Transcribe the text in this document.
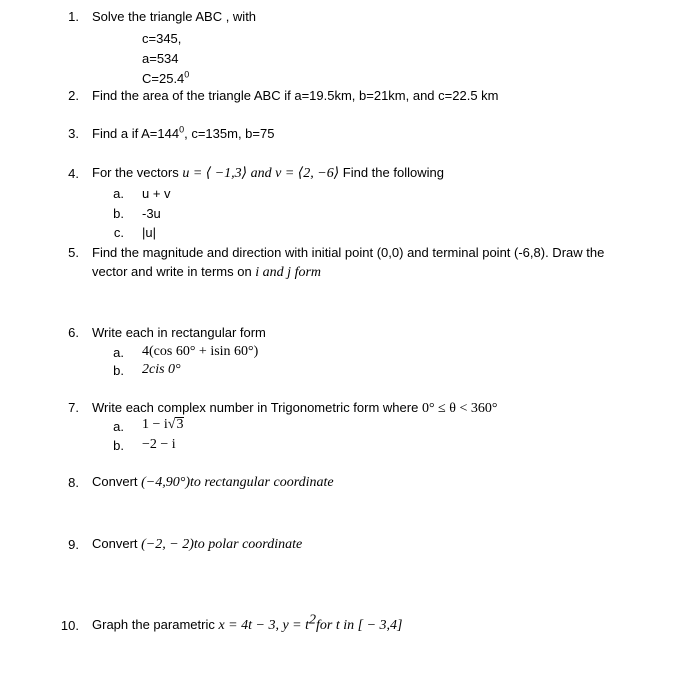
1. Solve the triangle ABC , with
c=345,
a=534
$C=25.4^0$
2. Find the area of the triangle ABC if a=19.5km, b=21km, and c=22.5 km
3. Find a if $A=144^0$, c=135m, b=75
4. For the vectors u = ⟨ −1,3⟩ and v = ⟨2, −6⟩ Find the following
a. u + v
b. -3u
c. |u|
5. Find the magnitude and direction with initial point (0,0) and terminal point (-6,8). Draw the
vector and write in terms on i and j form
6. Write each in rectangular form
a. 4(cos 60° + isin 60°)
b. 2cis 0°
7. Write each complex number in Trigonometric form where 0° ≤ θ < 360°
a. 1 − i√3
b. −2 − i
8. Convert (−4,90°)to rectangular coordinate
9. Convert (−2, − 2)to polar coordinate
10. Graph the parametric x = 4t − 3, $y = t^2for$ t in [ − 3,4]
